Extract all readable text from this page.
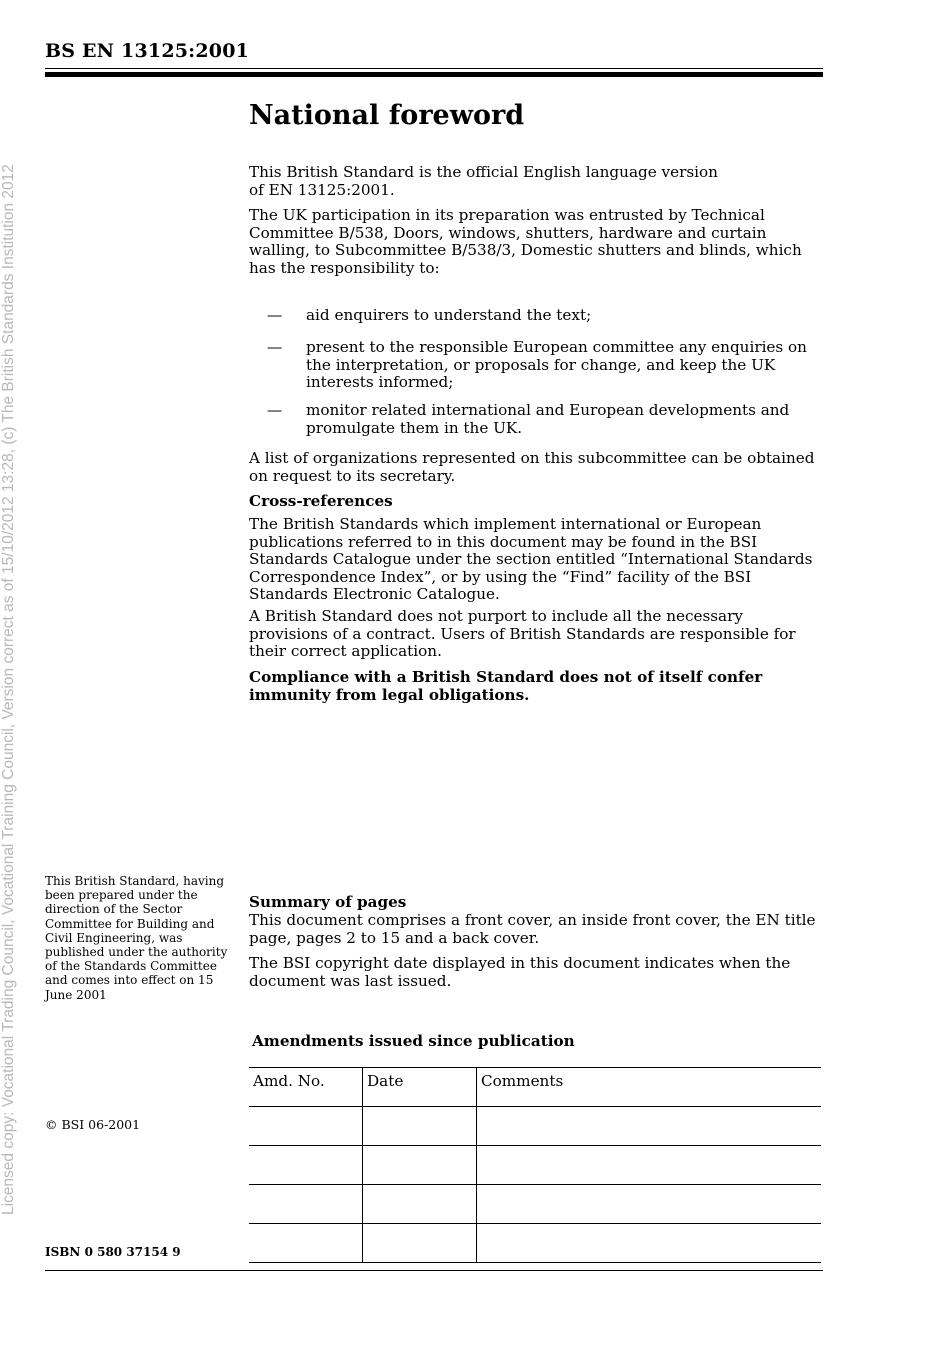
BS EN 13125:2001
Licensed copy: Vocational Trading Council, Vocational Training Council, Version correct as of 15/10/2012 13:28, (c) The British Standards Institution 2012
National foreword

This British Standard is the official English language version of EN 13125:2001.

The UK participation in its preparation was entrusted by Technical Committee B/538, Doors, windows, shutters, hardware and curtain walling, to Subcommittee B/538/3, Domestic shutters and blinds, which has the responsibility to:

— aid enquirers to understand the text;
— present to the responsible European committee any enquiries on the interpretation, or proposals for change, and keep the UK interests informed;
— monitor related international and European developments and promulgate them in the UK.

A list of organizations represented on this subcommittee can be obtained on request to its secretary.

Cross-references

The British Standards which implement international or European publications referred to in this document may be found in the BSI Standards Catalogue under the section entitled “International Standards Correspondence Index”, or by using the “Find” facility of the BSI Standards Electronic Catalogue.

A British Standard does not purport to include all the necessary provisions of a contract. Users of British Standards are responsible for their correct application.

Compliance with a British Standard does not of itself confer immunity from legal obligations.

This British Standard, having been prepared under the direction of the Sector Committee for Building and Civil Engineering, was published under the authority of the Standards Committee and comes into effect on 15 June 2001
Summary of pages

This document comprises a front cover, an inside front cover, the EN title page, pages 2 to 15 and a back cover.

The BSI copyright date displayed in this document indicates when the document was last issued.

Amendments issued since publication
Amd. No.	Date	Comments

© BSI 06-2001
ISBN 0 580 37154 9
